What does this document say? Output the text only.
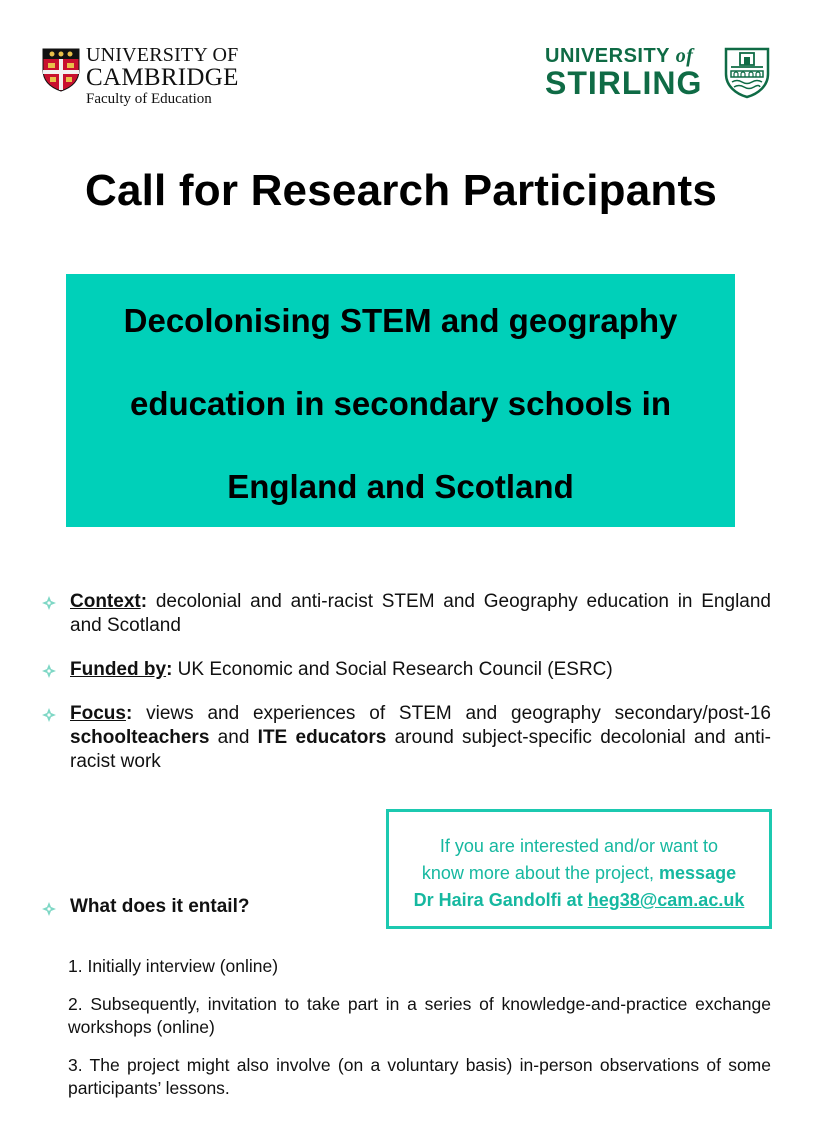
UNIVERSITY OF
CAMBRIDGE
Faculty of Education
UNIVERSITY of
STIRLING
Call for Research Participants
Decolonising STEM and geography
education in secondary schools in
England and Scotland
Context: decolonial and anti-racist STEM and Geography education in England and Scotland
Funded by: UK Economic and Social Research Council (ESRC)
Focus: views and experiences of STEM and geography secondary/post-16 schoolteachers and ITE educators around subject-specific decolonial and anti-racist work
If you are interested and/or want to
know more about the project, message
Dr Haira Gandolfi at heg38@cam.ac.uk
What does it entail?
1. Initially interview (online)
2. Subsequently, invitation to take part in a series of knowledge-and-practice exchange workshops (online)
3. The project might also involve (on a voluntary basis) in-person observations of some participants’ lessons.
